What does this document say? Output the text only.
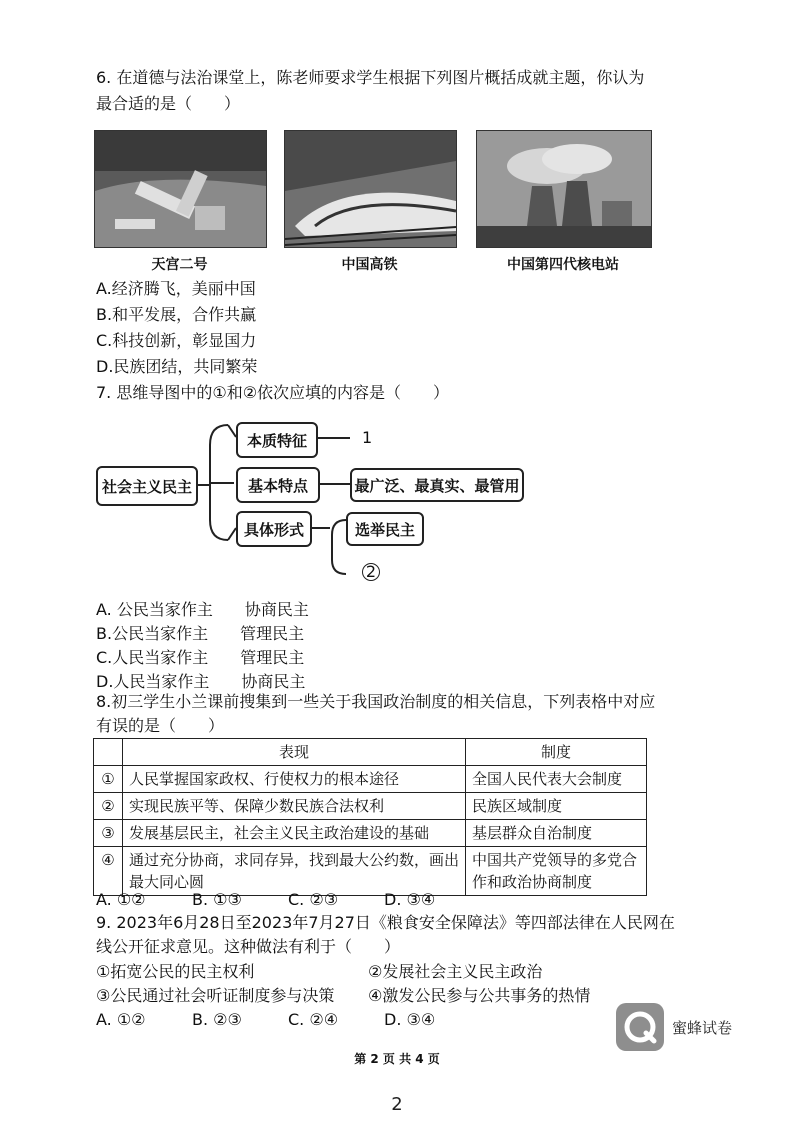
6. 在道德与法治课堂上，陈老师要求学生根据下列图片概括成就主题，你认为
最合适的是（　　）
天宫二号	中国高铁	中国第四代核电站
A.经济腾飞，美丽中国
B.和平发展，合作共赢
C.科技创新，彰显国力
D.民族团结，共同繁荣
7. 思维导图中的①和②依次应填的内容是（　　）
社会主义民主
本质特征
基本特点
具体形式
最广泛、最真实、最管用
选举民主
1
2
A. 公民当家作主　　协商民主
B.公民当家作主　　管理民主
C.人民当家作主　　管理民主
D.人民当家作主　　协商民主
8.初三学生小兰课前搜集到一些关于我国政治制度的相关信息，下列表格中对应
有误的是（　　）
	表现	制度
①	人民掌握国家政权、行使权力的根本途径	全国人民代表大会制度
②	实现民族平等、保障少数民族合法权利	民族区域制度
③	发展基层民主，社会主义民主政治建设的基础	基层群众自治制度
④	通过充分协商，求同存异，找到最大公约数，画出最大同心圆	中国共产党领导的多党合作和政治协商制度
A. ①②	B. ①③	C. ②③	D. ③④
9. 2023年6月28日至2023年7月27日《粮食安全保障法》等四部法律在人民网在
线公开征求意见。这种做法有利于（　　）
①拓宽公民的民主权利	②发展社会主义民主政治
③公民通过社会听证制度参与决策 ④激发公民参与公共事务的热情
A. ①②	B. ②③	C. ②④	D. ③④	蜜蜂试卷
第 2 页 共 4 页
2
